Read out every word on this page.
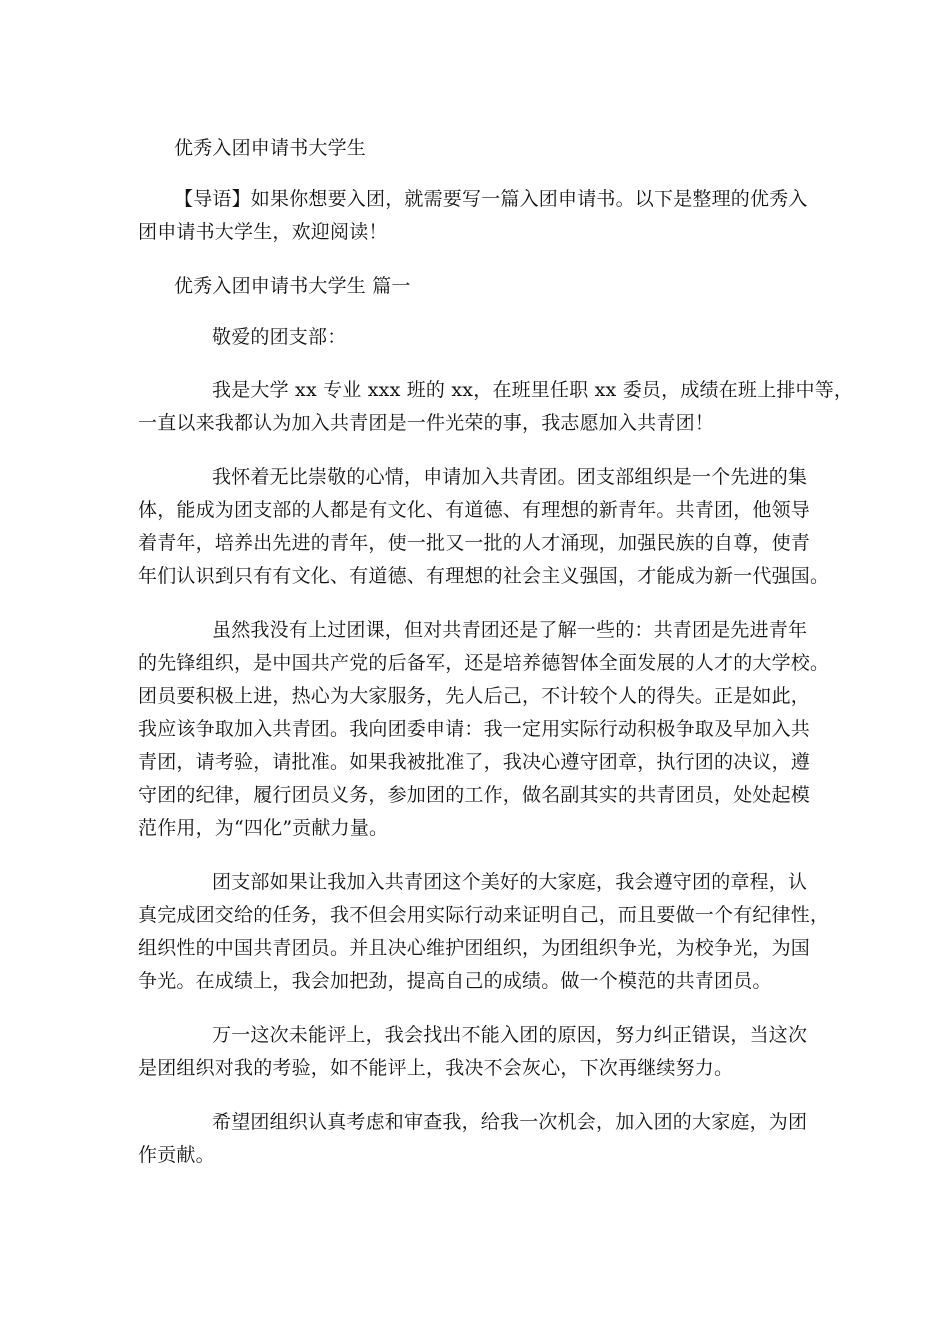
优秀入团申请书大学生
【导语】如果你想要入团，就需要写一篇入团申请书。以下是整理的优秀入
团申请书大学生，欢迎阅读！
优秀入团申请书大学生 篇一
敬爱的团支部：
我是大学 xx 专业 xxx 班的 xx，在班里任职 xx 委员，成绩在班上排中等，
一直以来我都认为加入共青团是一件光荣的事，我志愿加入共青团！
我怀着无比崇敬的心情，申请加入共青团。团支部组织是一个先进的集
体，能成为团支部的人都是有文化、有道德、有理想的新青年。共青团，他领导
着青年，培养出先进的青年，使一批又一批的人才涌现，加强民族的自尊，使青
年们认识到只有有文化、有道德、有理想的社会主义强国，才能成为新一代强国。
虽然我没有上过团课，但对共青团还是了解一些的：共青团是先进青年
的先锋组织，是中国共产党的后备军，还是培养德智体全面发展的人才的大学校。
团员要积极上进，热心为大家服务，先人后己，不计较个人的得失。正是如此，
我应该争取加入共青团。我向团委申请：我一定用实际行动积极争取及早加入共
青团，请考验，请批准。如果我被批准了，我决心遵守团章，执行团的决议，遵
守团的纪律，履行团员义务，参加团的工作，做名副其实的共青团员，处处起模
范作用，为“四化”贡献力量。
团支部如果让我加入共青团这个美好的大家庭，我会遵守团的章程，认
真完成团交给的任务，我不但会用实际行动来证明自己，而且要做一个有纪律性，
组织性的中国共青团员。并且决心维护团组织，为团组织争光，为校争光，为国
争光。在成绩上，我会加把劲，提高自己的成绩。做一个模范的共青团员。
万一这次未能评上，我会找出不能入团的原因，努力纠正错误，当这次
是团组织对我的考验，如不能评上，我决不会灰心，下次再继续努力。
希望团组织认真考虑和审查我，给我一次机会，加入团的大家庭，为团
作贡献。
